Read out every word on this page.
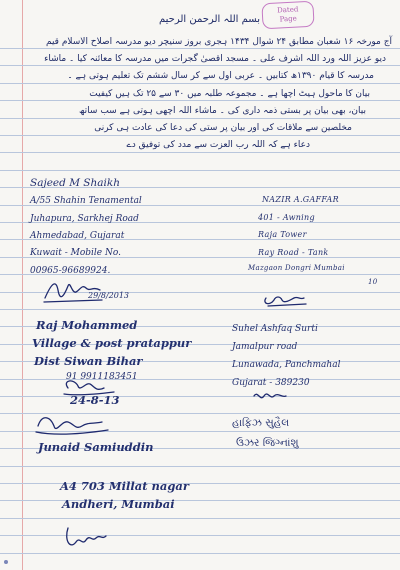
Dated
Page
بسم اللہ الرحمن الرحیم
آج مورخہ ۱۶ شعبان مطابق ۲۴ شوال ۱۴۳۴ ہجری بروز سنیچر دیو مدرسہ اصلاح الاسلام قیم
دیو عزیز اللہ ورد اللہ اشرف علی ۔ مسجد اقصیٰ گجرات میں مدرسہ کا معائنہ کیا ۔ ماشاء
مدرسہ کا قیام ۱۳۹۰ھ کتابیں ۔ عربی اول سے کر سال ششم تک تعلیم ہوتی ہے ۔
بیان کا ماحول ہیٹ اچھا ہے ۔ مجموعہ طلبہ میں ۳۰ سے ۲۵ تک ہیں کیفیت
بیان، بھی بیان پر بستی ذمہ داری کی ۔ ماشاء اللہ اچھی ہوتی ہے سب ساتھ
مخلصین سے ملاقات کی اور بیان پر ستی کی دعا کی عادت ہی کرنی
دعاء ہے کہ اللہ رب العزت سے مدد کی توفیق دے
Sajeed M Shaikh
A/55 Shahin Tenamental
Juhapura, Sarkhej Road
Ahmedabad, Gujarat
Kuwait - Mobile No.
00965-96689924.
29/8/2013
NAZIR A.GAFFAR
401 - Awning
Raja Tower
Ray Road - Tank
Mazgaon Dongri Mumbai
10
Raj Mohammed
Village & post pratappur
Dist Siwan Bihar
91 9911183451
24-8-13
Suhel Ashfaq Surti
Jamalpur road
Lunawada, Panchmahal
Gujarat - 389230
હાફિઝ સુહૈલ
ઉઝર જિગ્નાંશુ
Junaid Samiuddin
A4 703 Millat nagar
Andheri, Mumbai
